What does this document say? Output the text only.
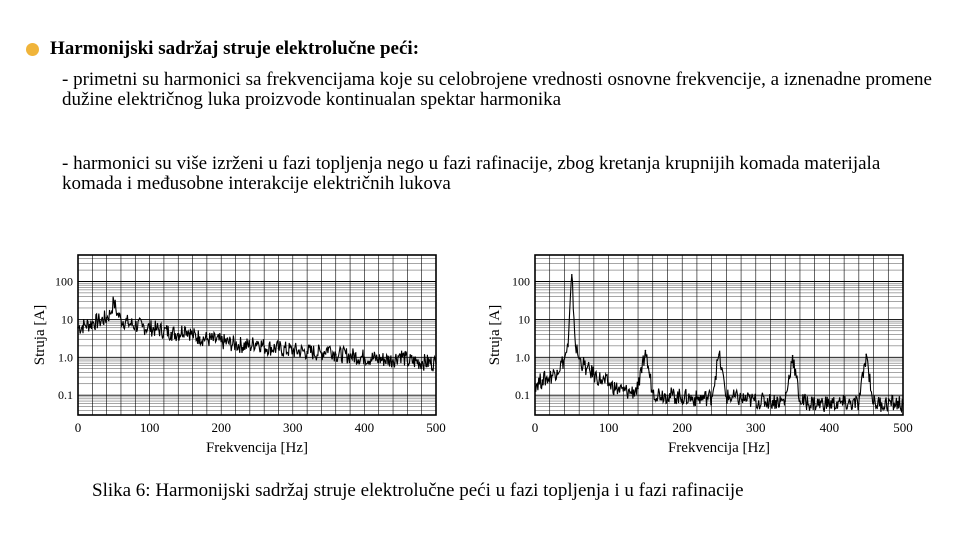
Harmonijski sadržaj struje elektrolučne peći:
- primetni su harmonici sa frekvencijama koje su celobrojene vrednosti osnovne frekvencije, a iznenadne promene dužine električnog luka proizvode kontinualan spektar harmonika
- harmonici su više izrženi u fazi topljenja nego u fazi rafinacije, zbog kretanja krupnijih komada materijala komada i međusobne interakcije električnih lukova
0	100	200	300	400	500
0.1
1.0
10
100
Frekvencija [Hz]
Struja [A]
0	100	200	300	400	500
0.1
1.0
10
100
Frekvencija [Hz]
Struja [A]
Slika 6: Harmonijski sadržaj struje elektrolučne peći u fazi topljenja i u fazi rafinacije
